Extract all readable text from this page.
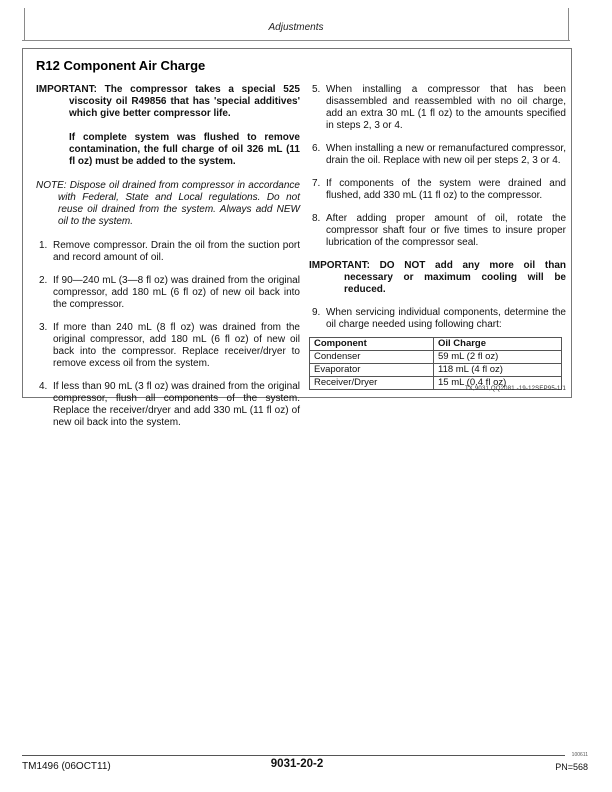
Adjustments
R12 Component Air Charge

IMPORTANT: The compressor takes a special 525 viscosity oil R49856 that has 'special additives' which give better compressor life.

If complete system was flushed to remove contamination, the full charge of oil 326 mL (11 fl oz) must be added to the system.

NOTE: Dispose oil drained from compressor in accordance with Federal, State and Local regulations. Do not reuse oil drained from the system. Always add NEW oil to the system.

1. Remove compressor. Drain the oil from the suction port and record amount of oil.
2. If 90—240 mL (3—8 fl oz) was drained from the original compressor, add 180 mL (6 fl oz) of new oil back into the compressor.
3. If more than 240 mL (8 fl oz) was drained from the original compressor, add 180 mL (6 fl oz) of new oil back into the compressor. Replace receiver/dryer to remove excess oil from the system.
4. If less than 90 mL (3 fl oz) was drained from the original compressor, flush all components of the system. Replace the receiver/dryer and add 330 mL (11 fl oz) of new oil back into the system.
5. When installing a compressor that has been disassembled and reassembled with no oil charge, add an extra 30 mL (1 fl oz) to the amounts specified in steps 2, 3 or 4.
6. When installing a new or remanufactured compressor, drain the oil. Replace with new oil per steps 2, 3 or 4.
7. If components of the system were drained and flushed, add 330 mL (11 fl oz) to the compressor.
8. After adding proper amount of oil, rotate the compressor shaft four or five times to insure proper lubrication of the compressor seal.

IMPORTANT: DO NOT add any more oil than necessary or maximum cooling will be reduced.

9. When servicing individual components, determine the oil charge needed using following chart:
Component	Oil Charge
Condenser	59 mL (2 fl oz)
Evaporator	118 mL (4 fl oz)
Receiver/Dryer	15 mL (0.4 fl oz)
TX,9031,QQ2081 -19-12SEP95-1/1
TM1496 (06OCT11)	9031-20-2
100611
PN=568
